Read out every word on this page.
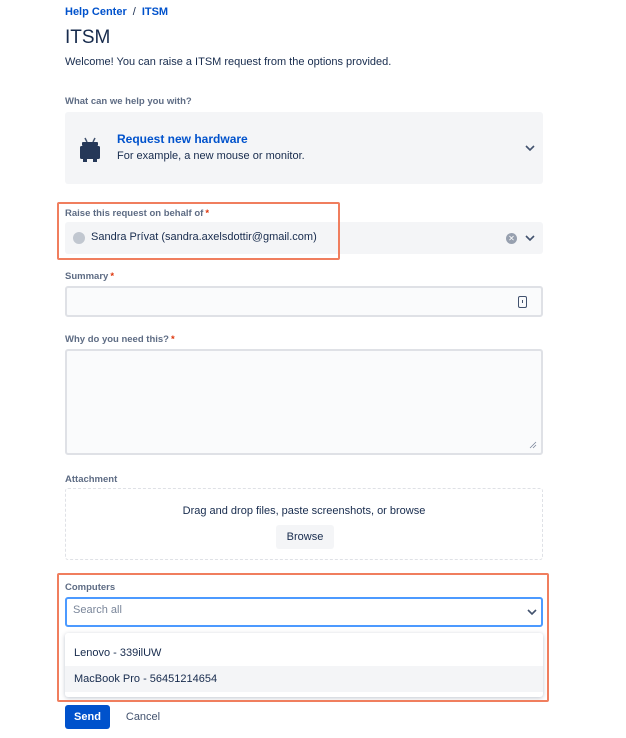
Help Center / ITSM
ITSM

Welcome! You can raise a ITSM request from the options provided.

What can we help you with?
Request new hardware
For example, a new mouse or monitor.
Raise this request on behalf of *
Sandra Prívat (sandra.axelsdottir@gmail.com)	✕
Summary *
Why do you need this? *
Attachment
Drag and drop files, paste screenshots, or browse
Browse
Computers
Search all
Lenovo - 339ilUW
MacBook Pro - 56451214654
Send	Cancel
